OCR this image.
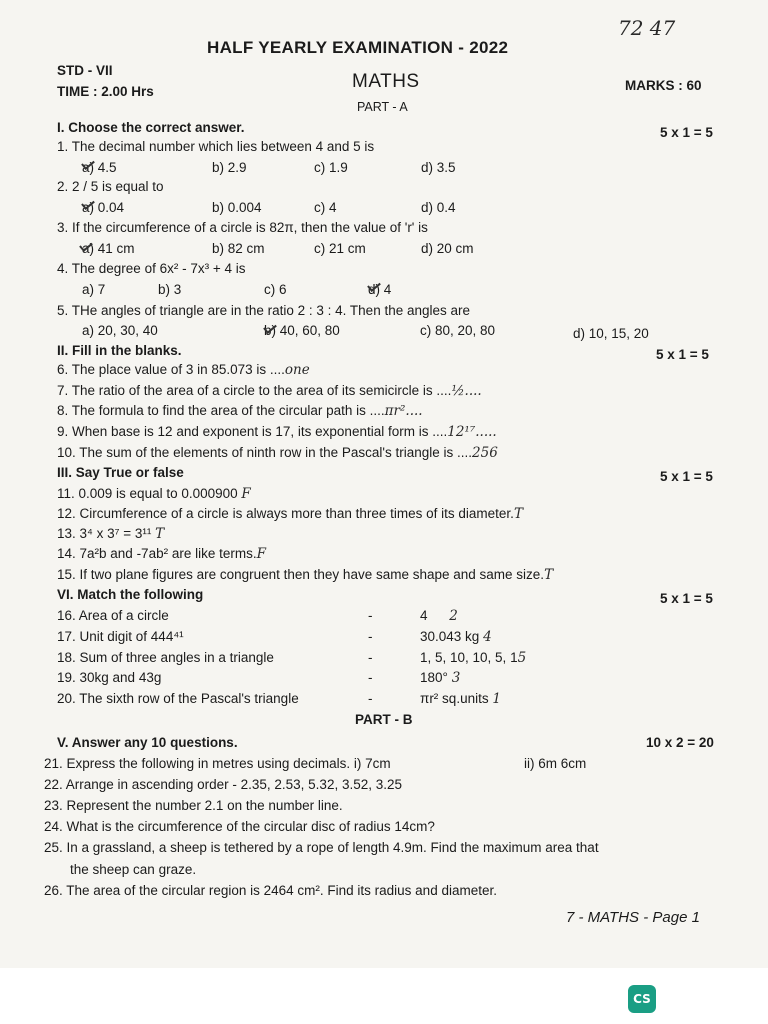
72 47
HALF YEARLY EXAMINATION - 2022
STD - VII
MATHS	MARKS : 60
TIME : 2.00 Hrs
PART - A
I. Choose the correct answer.	5 x 1 = 5
1. The decimal number which lies between 4 and 5 is
a) 4.5	b) 2.9	c) 1.9	d) 3.5
2. 2 / 5 is equal to
a) 0.04	b) 0.004	c) 4	d) 0.4
3. If the circumference of a circle is 82π, then the value of 'r' is
a) 41 cm	b) 82 cm	c) 21 cm	d) 20 cm
4. The degree of 6x² - 7x³ + 4 is
a) 7	b) 3	c) 6	d) 4
5. THe angles of triangle are in the ratio 2 : 3 : 4. Then the angles are
a) 20, 30, 40	b) 40, 60, 80	c) 80, 20, 80	d) 10, 15, 20
II. Fill in the blanks.	5 x 1 = 5
6. The place value of 3 in 85.073 is ....one
7. The ratio of the area of a circle to the area of its semicircle is ....½....
8. The formula to find the area of the circular path is ....πr²....
9. When base is 12 and exponent is 17, its exponential form is ....12¹⁷.....
10. The sum of the elements of ninth row in the Pascal's triangle is ....256
III. Say True or false	5 x 1 = 5
11. 0.009 is equal to 0.000900 F
12. Circumference of a circle is always more than three times of its diameter.T
13. 3⁴ x 3⁷ = 3¹¹ T
14. 7a²b and -7ab² are like terms.F
15. If two plane figures are congruent then they have same shape and same size.T
VI. Match the following	5 x 1 = 5
16. Area of a circle	-	4 2
17. Unit digit of 444⁴¹	-	30.043 kg 4
18. Sum of three angles in a triangle	-	1, 5, 10, 10, 5, 15
19. 30kg and 43g	-	180° 3
20. The sixth row of the Pascal's triangle	-	πr² sq.units 1
PART - B
V. Answer any 10 questions.	10 x 2 = 20
21. Express the following in metres using decimals. i) 7cm	ii) 6m 6cm
22. Arrange in ascending order - 2.35, 2.53, 5.32, 3.52, 3.25
23. Represent the number 2.1 on the number line.
24. What is the circumference of the circular disc of radius 14cm?
25. In a grassland, a sheep is tethered by a rope of length 4.9m. Find the maximum area that
the sheep can graze.
26. The area of the circular region is 2464 cm². Find its radius and diameter.
7 - MATHS - Page 1
CS
